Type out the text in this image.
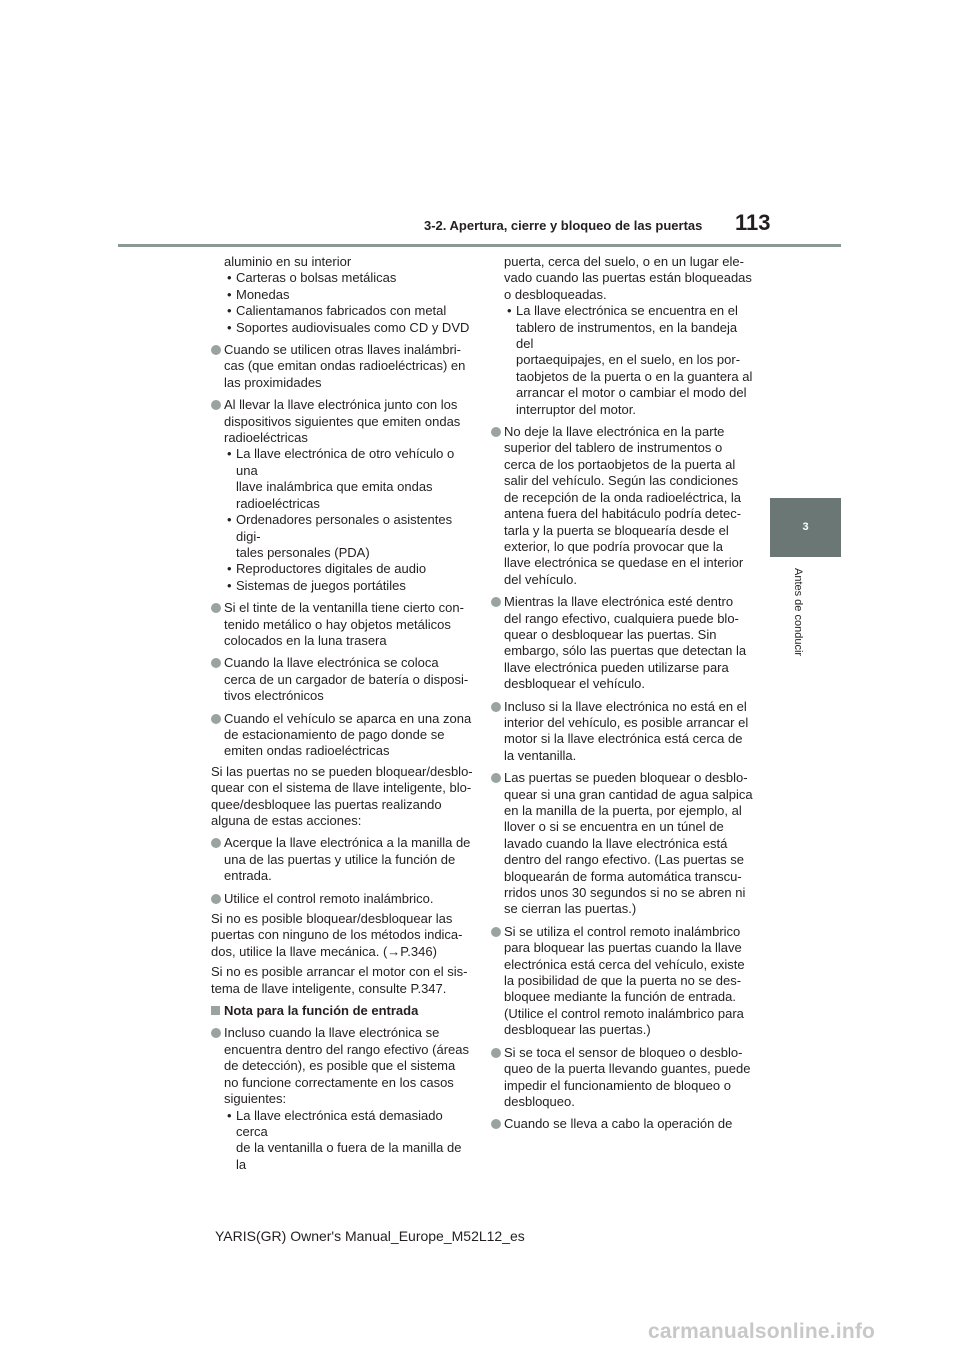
3-2. Apertura, cierre y bloqueo de las puertas 113
3
Antes de conducir
aluminio en su interior
• Carteras o bolsas metálicas
• Monedas
• Calientamanos fabricados con metal
• Soportes audiovisuales como CD y DVD
Cuando se utilicen otras llaves inalámbri-
cas (que emitan ondas radioeléctricas) en
las proximidades
Al llevar la llave electrónica junto con los
dispositivos siguientes que emiten ondas
radioeléctricas
• La llave electrónica de otro vehículo o una
llave inalámbrica que emita ondas
radioeléctricas
• Ordenadores personales o asistentes digi-
tales personales (PDA)
• Reproductores digitales de audio
• Sistemas de juegos portátiles
Si el tinte de la ventanilla tiene cierto con-
tenido metálico o hay objetos metálicos
colocados en la luna trasera
Cuando la llave electrónica se coloca
cerca de un cargador de batería o disposi-
tivos electrónicos
Cuando el vehículo se aparca en una zona
de estacionamiento de pago donde se
emiten ondas radioeléctricas
Si las puertas no se pueden bloquear/desblo-
quear con el sistema de llave inteligente, blo-
quee/desbloquee las puertas realizando
alguna de estas acciones:
Acerque la llave electrónica a la manilla de
una de las puertas y utilice la función de
entrada.
Utilice el control remoto inalámbrico.
Si no es posible bloquear/desbloquear las
puertas con ninguno de los métodos indica-
dos, utilice la llave mecánica. (→P.346)
Si no es posible arrancar el motor con el sis-
tema de llave inteligente, consulte P.347.
Nota para la función de entrada
Incluso cuando la llave electrónica se
encuentra dentro del rango efectivo (áreas
de detección), es posible que el sistema
no funcione correctamente en los casos
siguientes:
• La llave electrónica está demasiado cerca
de la ventanilla o fuera de la manilla de la
puerta, cerca del suelo, o en un lugar ele-
vado cuando las puertas están bloqueadas
o desbloqueadas.
• La llave electrónica se encuentra en el
tablero de instrumentos, en la bandeja del
portaequipajes, en el suelo, en los por-
taobjetos de la puerta o en la guantera al
arrancar el motor o cambiar el modo del
interruptor del motor.
No deje la llave electrónica en la parte
superior del tablero de instrumentos o
cerca de los portaobjetos de la puerta al
salir del vehículo. Según las condiciones
de recepción de la onda radioeléctrica, la
antena fuera del habitáculo podría detec-
tarla y la puerta se bloquearía desde el
exterior, lo que podría provocar que la
llave electrónica se quedase en el interior
del vehículo.
Mientras la llave electrónica esté dentro
del rango efectivo, cualquiera puede blo-
quear o desbloquear las puertas. Sin
embargo, sólo las puertas que detectan la
llave electrónica pueden utilizarse para
desbloquear el vehículo.
Incluso si la llave electrónica no está en el
interior del vehículo, es posible arrancar el
motor si la llave electrónica está cerca de
la ventanilla.
Las puertas se pueden bloquear o desblo-
quear si una gran cantidad de agua salpica
en la manilla de la puerta, por ejemplo, al
llover o si se encuentra en un túnel de
lavado cuando la llave electrónica está
dentro del rango efectivo. (Las puertas se
bloquearán de forma automática transcu-
rridos unos 30 segundos si no se abren ni
se cierran las puertas.)
Si se utiliza el control remoto inalámbrico
para bloquear las puertas cuando la llave
electrónica está cerca del vehículo, existe
la posibilidad de que la puerta no se des-
bloquee mediante la función de entrada.
(Utilice el control remoto inalámbrico para
desbloquear las puertas.)
Si se toca el sensor de bloqueo o desblo-
queo de la puerta llevando guantes, puede
impedir el funcionamiento de bloqueo o
desbloqueo.
Cuando se lleva a cabo la operación de
YARIS(GR) Owner's Manual_Europe_M52L12_es
carmanualsonline.info
